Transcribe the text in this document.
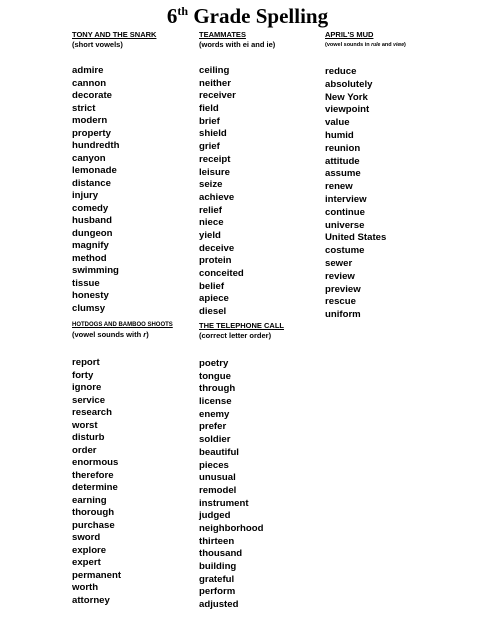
6th Grade Spelling
TONY AND THE SNARK
(short vowels)
admire
cannon
decorate
strict
modern
property
hundredth
canyon
lemonade
distance
injury
comedy
husband
dungeon
magnify
method
swimming
tissue
honesty
clumsy
TEAMMATES
(words with ei and ie)
ceiling
neither
receiver
field
brief
shield
grief
receipt
leisure
seize
achieve
relief
niece
yield
deceive
protein
conceited
belief
apiece
diesel
APRIL'S MUD
(vowel sounds in rule and view)
reduce
absolutely
New York
viewpoint
value
humid
reunion
attitude
assume
renew
interview
continue
universe
United States
costume
sewer
review
preview
rescue
uniform
HOTDOGS AND BAMBOO SHOOTS
(vowel sounds with r)
report
forty
ignore
service
research
worst
disturb
order
enormous
therefore
determine
earning
thorough
purchase
sword
explore
expert
permanent
worth
attorney
THE TELEPHONE CALL
(correct letter order)
poetry
tongue
through
license
enemy
prefer
soldier
beautiful
pieces
unusual
remodel
instrument
judged
neighborhood
thirteen
thousand
building
grateful
perform
adjusted
